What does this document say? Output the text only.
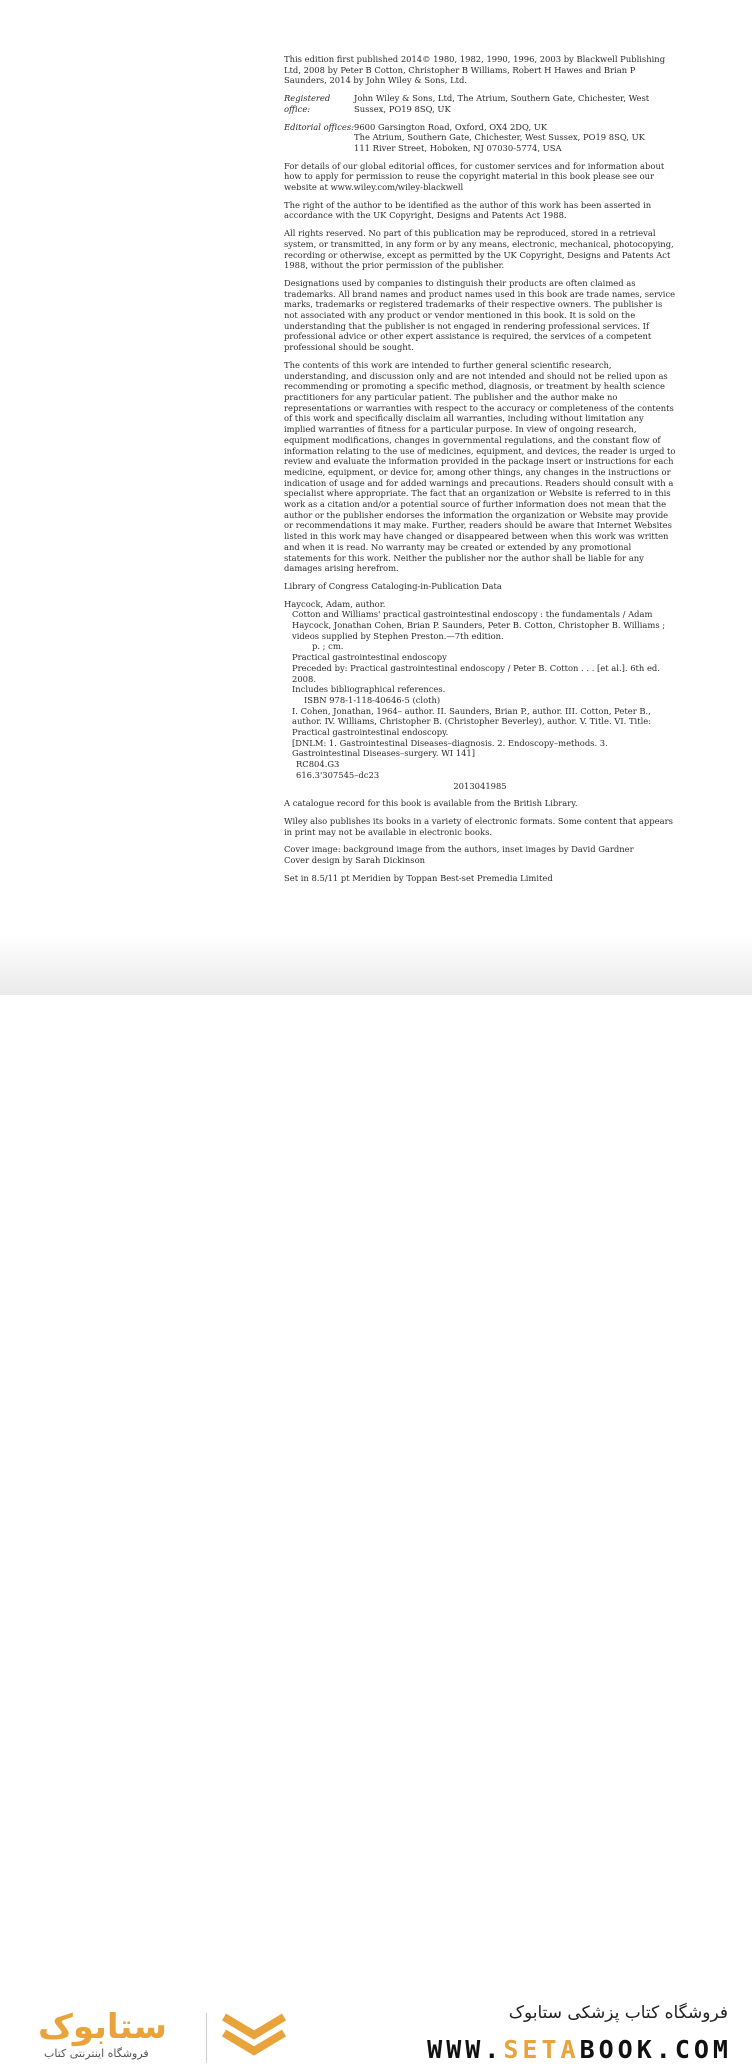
This edition first published 2014© 1980, 1982, 1990, 1996, 2003 by Blackwell Publishing Ltd, 2008 by Peter B Cotton, Christopher B Williams, Robert H Hawes and Brian P Saunders, 2014 by John Wiley & Sons, Ltd.

Registered office:
John Wiley & Sons, Ltd, The Atrium, Southern Gate, Chichester, West Sussex, PO19 8SQ, UK
Editorial offices: 9600 Garsington Road, Oxford, OX4 2DQ, UK
The Atrium, Southern Gate, Chichester, West Sussex, PO19 8SQ, UK
111 River Street, Hoboken, NJ 07030-5774, USA

For details of our global editorial offices, for customer services and for information about how to apply for permission to reuse the copyright material in this book please see our website at www.wiley.com/wiley-blackwell

The right of the author to be identified as the author of this work has been asserted in accordance with the UK Copyright, Designs and Patents Act 1988.

All rights reserved. No part of this publication may be reproduced, stored in a retrieval system, or transmitted, in any form or by any means, electronic, mechanical, photocopying, recording or otherwise, except as permitted by the UK Copyright, Designs and Patents Act 1988, without the prior permission of the publisher.

Designations used by companies to distinguish their products are often claimed as trademarks. All brand names and product names used in this book are trade names, service marks, trademarks or registered trademarks of their respective owners. The publisher is not associated with any product or vendor mentioned in this book. It is sold on the understanding that the publisher is not engaged in rendering professional services. If professional advice or other expert assistance is required, the services of a competent professional should be sought.

The contents of this work are intended to further general scientific research, understanding, and discussion only and are not intended and should not be relied upon as recommending or promoting a specific method, diagnosis, or treatment by health science practitioners for any particular patient. The publisher and the author make no representations or warranties with respect to the accuracy or completeness of the contents of this work and specifically disclaim all warranties, including without limitation any implied warranties of fitness for a particular purpose. In view of ongoing research, equipment modifications, changes in governmental regulations, and the constant flow of information relating to the use of medicines, equipment, and devices, the reader is urged to review and evaluate the information provided in the package insert or instructions for each medicine, equipment, or device for, among other things, any changes in the instructions or indication of usage and for added warnings and precautions. Readers should consult with a specialist where appropriate. The fact that an organization or Website is referred to in this work as a citation and/or a potential source of further information does not mean that the author or the publisher endorses the information the organization or Website may provide or recommendations it may make. Further, readers should be aware that Internet Websites listed in this work may have changed or disappeared between when this work was written and when it is read. No warranty may be created or extended by any promotional statements for this work. Neither the publisher nor the author shall be liable for any damages arising herefrom.

Library of Congress Cataloging-in-Publication Data

Haycock, Adam, author.
Cotton and Williams' practical gastrointestinal endoscopy : the fundamentals / Adam Haycock, Jonathan Cohen, Brian P. Saunders, Peter B. Cotton, Christopher B. Williams ; videos supplied by Stephen Preston.—7th edition.
p. ; cm.
Practical gastrointestinal endoscopy
Preceded by: Practical gastrointestinal endoscopy / Peter B. Cotton . . . [et al.]. 6th ed. 2008.
Includes bibliographical references.
ISBN 978-1-118-40646-5 (cloth)
I. Cohen, Jonathan, 1964– author. II. Saunders, Brian P., author. III. Cotton, Peter B., author. IV. Williams, Christopher B. (Christopher Beverley), author. V. Title. VI. Title: Practical gastrointestinal endoscopy.
[DNLM: 1. Gastrointestinal Diseases–diagnosis. 2. Endoscopy–methods. 3. Gastrointestinal Diseases–surgery. WI 141]
RC804.G3
616.3'307545–dc23
2013041985

A catalogue record for this book is available from the British Library.

Wiley also publishes its books in a variety of electronic formats. Some content that appears in print may not be available in electronic books.

Cover image: background image from the authors, inset images by David Gardner
Cover design by Sarah Dickinson

Set in 8.5/11 pt Meridien by Toppan Best-set Premedia Limited

ستابوک
فروشگاه اینترنتی کتاب
فروشگاه کتاب پزشکی ستابوک
WWW.SETABOOK.COM
